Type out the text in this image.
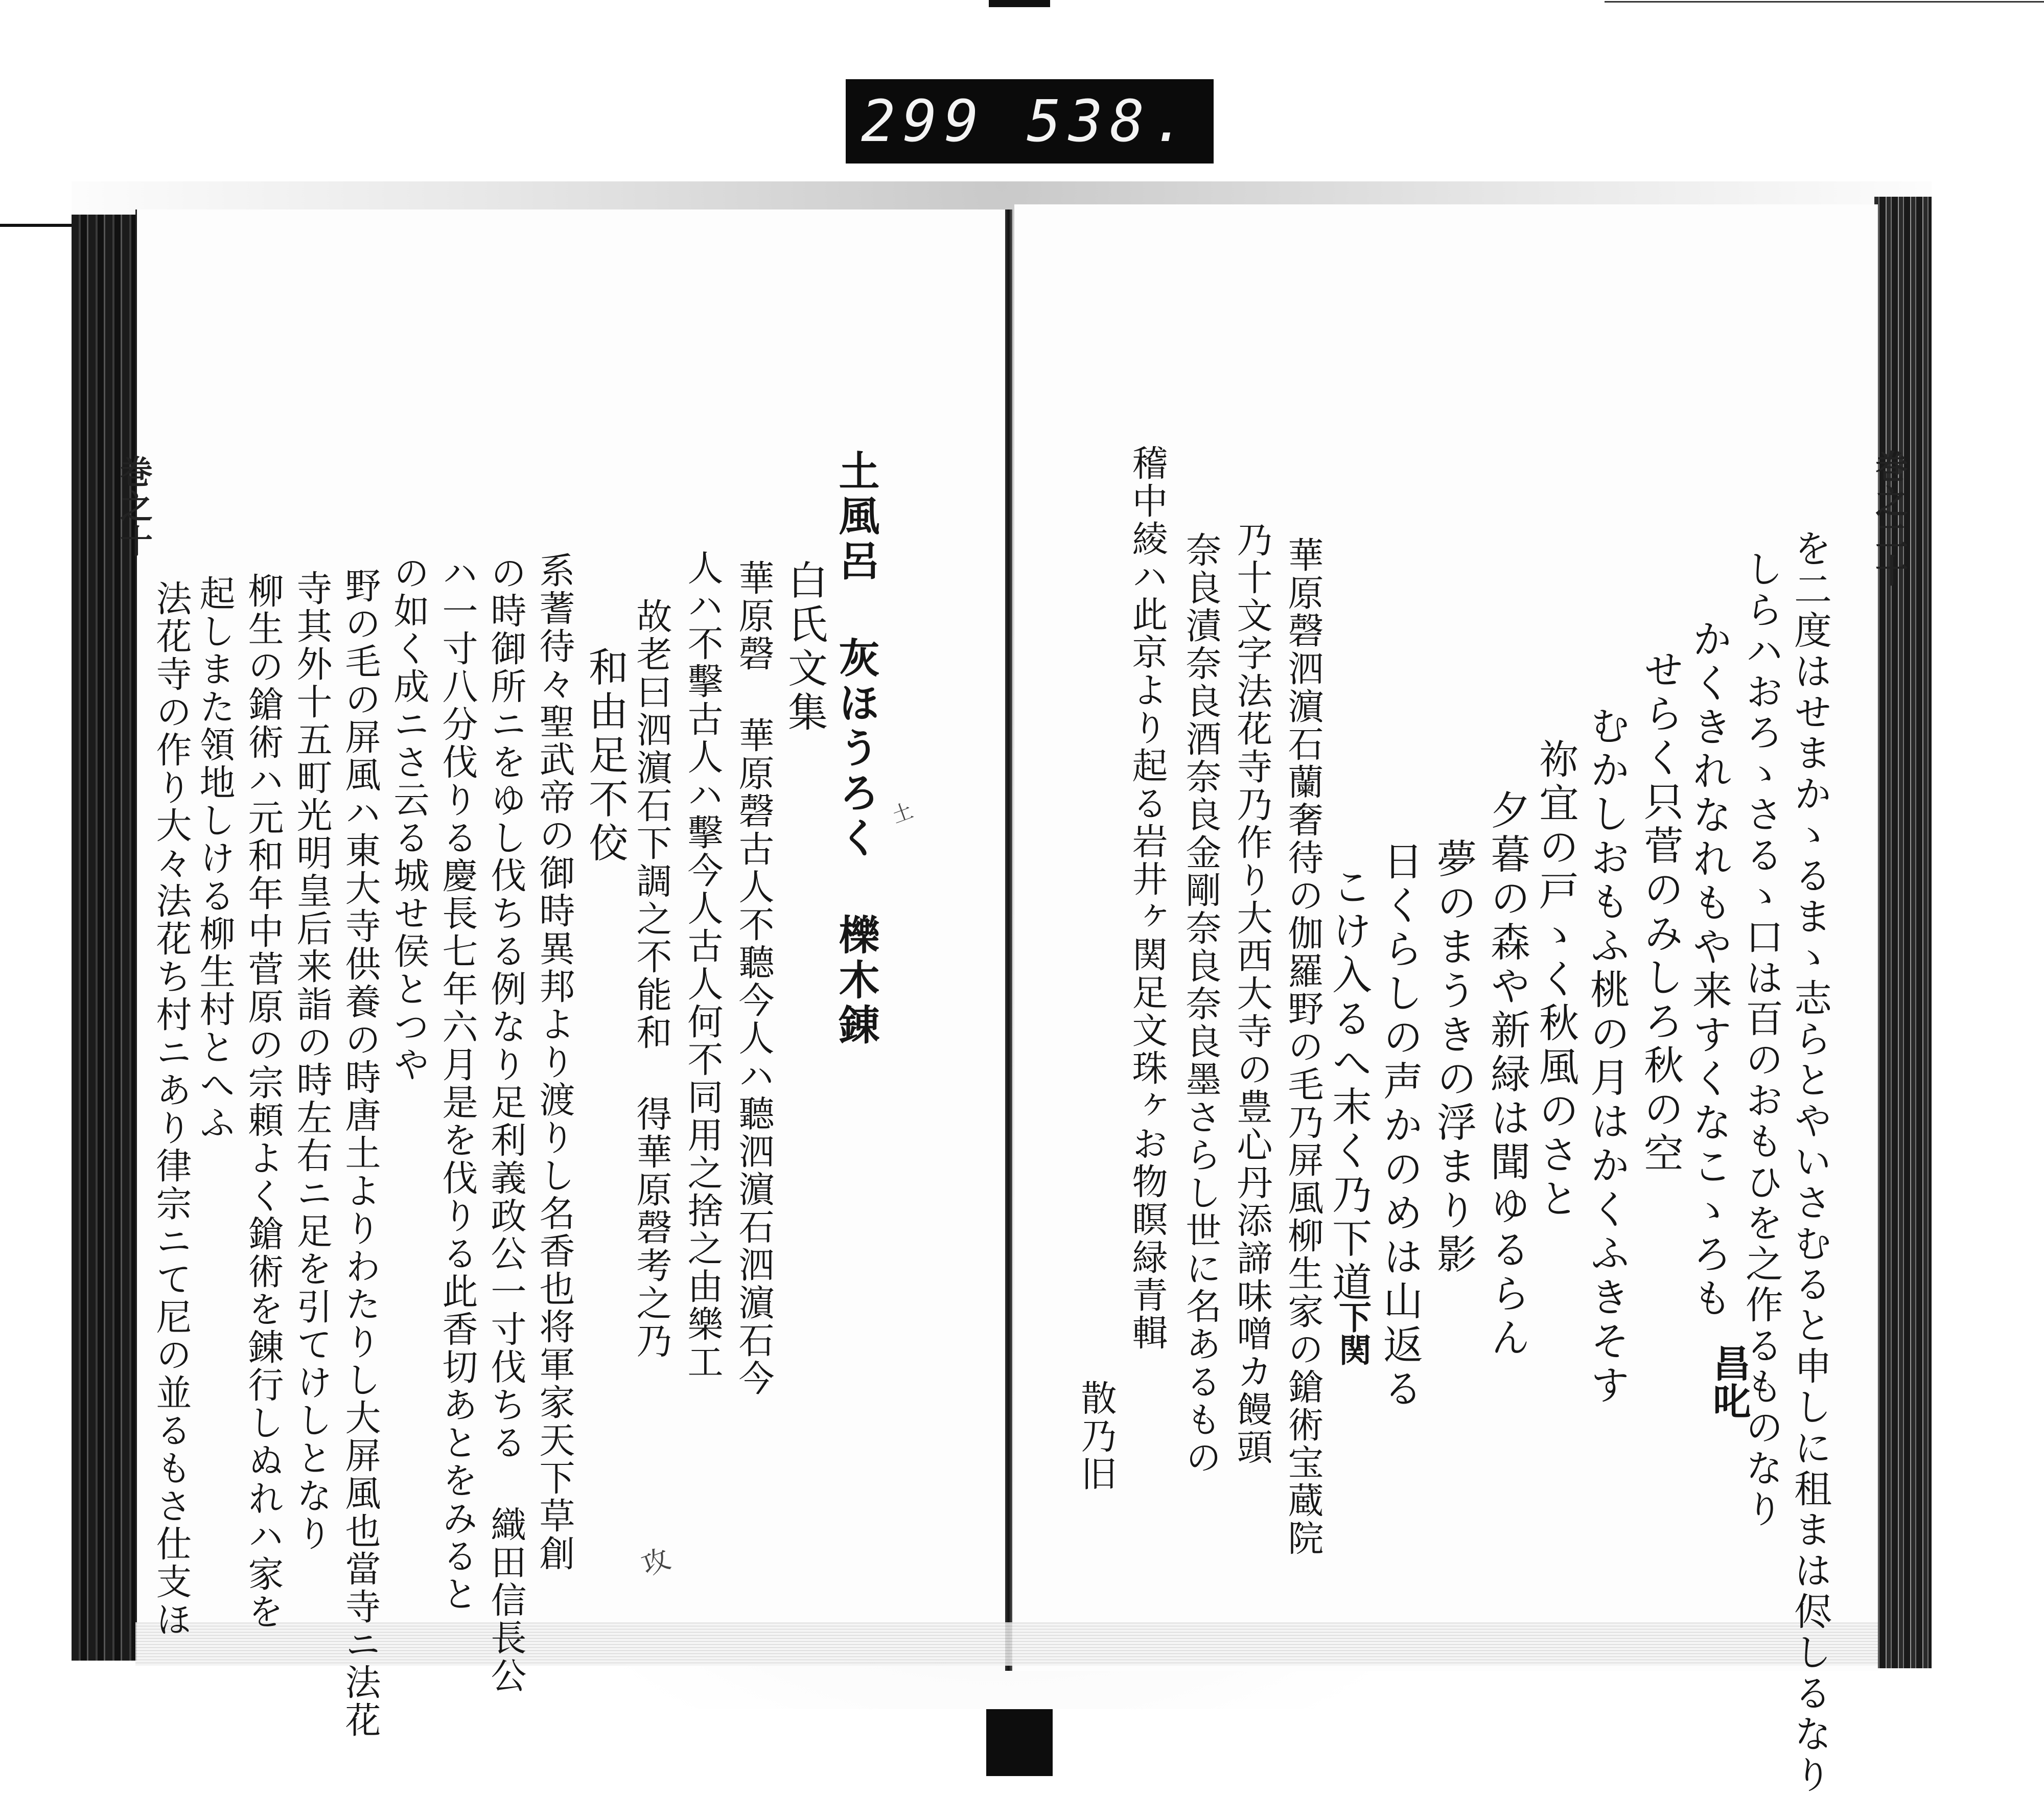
299 538.
巻之十	巻之二十
を二度はせまかゝるまゝ志らとやいさむると申しに租まは侭しるなり
しらハおろゝさるゝ口は百のおもひを之作るものなり
かくきれなれもや来すくなこゝろも
せらく只菅のみしろ秋の空
むかしおもふ桃の月はかくふきそす
祢宜の戸ゝく秋風のさと
夕暮の森や新緑は聞ゆるらん
夢のまうきの浮まり影
日くらしの声かのめは山返る
こけ入るへ末く乃下道
昌叱
下関
華原磬泗濵石蘭奢待の伽羅野の毛乃屏風柳生家の鎗術宝蔵院
乃十文字法花寺乃作り大西大寺の豊心丹添諦味噌カ饅頭
奈良漬奈良酒奈良金剛奈良奈良墨さらし世に名あるもの
稽中綾ハ此京より起る岩井ヶ関足文珠ヶお物瞑緑青輯
散乃旧
土風呂 灰ほうろく 櫟木錬
白氏文集
華原磬 華原磬古人不聽今人ハ聽泗濵石泗濵石今
人ハ不擊古人ハ擊今人古人何不同用之捨之由樂工
故老曰泗濵石下調之不能和 得華原磬考之乃
和由足不佼
系蓍待々聖武帝の御時異邦より渡りし名香也将軍家天下草創
の時御所ニをゆし伐ちる例なり足利義政公一寸伐ちる 織田信長公
ハ一寸八分伐りる慶長七年六月是を伐りる此香切あとをみると
の如く成ニさ云る城せ侯とつや
野の毛の屏風ハ東大寺供養の時唐土よりわたりし大屏風也當寺ニ法花
寺其外十五町光明皇后来詣の時左右ニ足を引てけしとなり
柳生の鎗術ハ元和年中菅原の宗頼よく鎗術を錬行しぬれハ家を
起しまた領地しける柳生村とへふ
法花寺の作り大々法花ち村ニあり律宗ニて尼の並るもさ仕支ほ	攻
土
